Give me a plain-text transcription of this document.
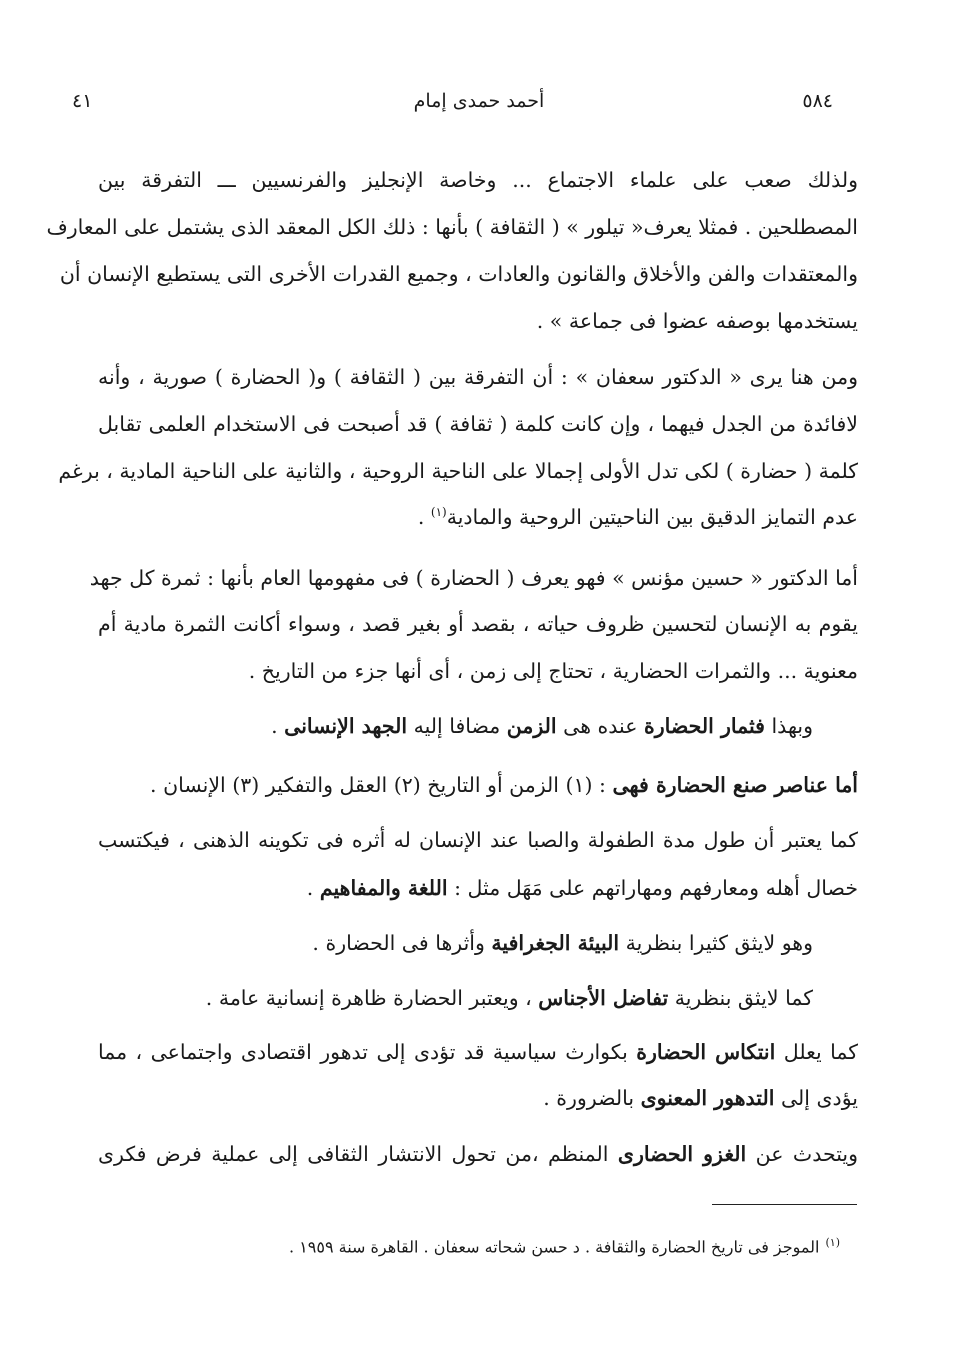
٥٨٤
أحمد حمدى إمام
٤١
ولذلك صعب على علماء الاجتماع ... وخاصة الإنجليز والفرنسيين ـــ التفرقة بين
المصطلحين . فمثلا يعرف« تيلور » ( الثقافة ) بأنها : ذلك الكل المعقد الذى يشتمل على المعارف
والمعتقدات والفن والأخلاق والقانون والعادات ، وجميع القدرات الأخرى التى يستطيع الإنسان أن
يستخدمها بوصفه عضوا فى جماعة » .
ومن هنا يرى « الدكتور سعفان » : أن التفرقة بين ( الثقافة ) و( الحضارة ) صورية ، وأنه
لافائدة من الجدل فيهما ، وإن كانت كلمة ( ثقافة ) قد أصبحت فى الاستخدام العلمى تقابل
كلمة ( حضارة ) لكى تدل الأولى إجمالا على الناحية الروحية ، والثانية على الناحية المادية ، برغم
عدم التمايز الدقيق بين الناحيتين الروحية والمادية$^{(١)}$ .
أما الدكتور « حسين مؤنس » فهو يعرف ( الحضارة ) فى مفهومها العام بأنها : ثمرة كل جهد
يقوم به الإنسان لتحسين ظروف حياته ، بقصد أو بغير قصد ، وسواء أكانت الثمرة مادية أم
معنوية ... والثمرات الحضارية ، تحتاج إلى زمن ، أى أنها جزء من التاريخ .
وبهذا فثمار الحضارة عنده هى الزمن مضافا إليه الجهد الإنسانى .
أما عناصر صنع الحضارة فهى : (١) الزمن أو التاريخ (٢) العقل والتفكير (٣) الإنسان .
كما يعتبر أن طول مدة الطفولة والصبا عند الإنسان له أثره فى تكوينه الذهنى ، فيكتسب
خصال أهله ومعارفهم ومهاراتهم على مَهَل مثل : اللغة والمفاهيم .
وهو لايثق كثيرا بنظرية البيئة الجغرافية وأثرها فى الحضارة .
كما لايثق بنظرية تفاضل الأجناس ، ويعتبر الحضارة ظاهرة إنسانية عامة .
كما يعلل انتكاس الحضارة بكوارث سياسية قد تؤدى إلى تدهور اقتصادى واجتماعى ، مما
يؤدى إلى التدهور المعنوى بالضرورة .
ويتحدث عن الغزو الحضارى المنظم ،من تحول الانتشار الثقافى إلى عملية فرض فكرى
$^{(١)}$الموجز فى تاريخ الحضارة والثقافة . د حسن شحاته سعفان . القاهرة سنة ١٩٥٩ .
